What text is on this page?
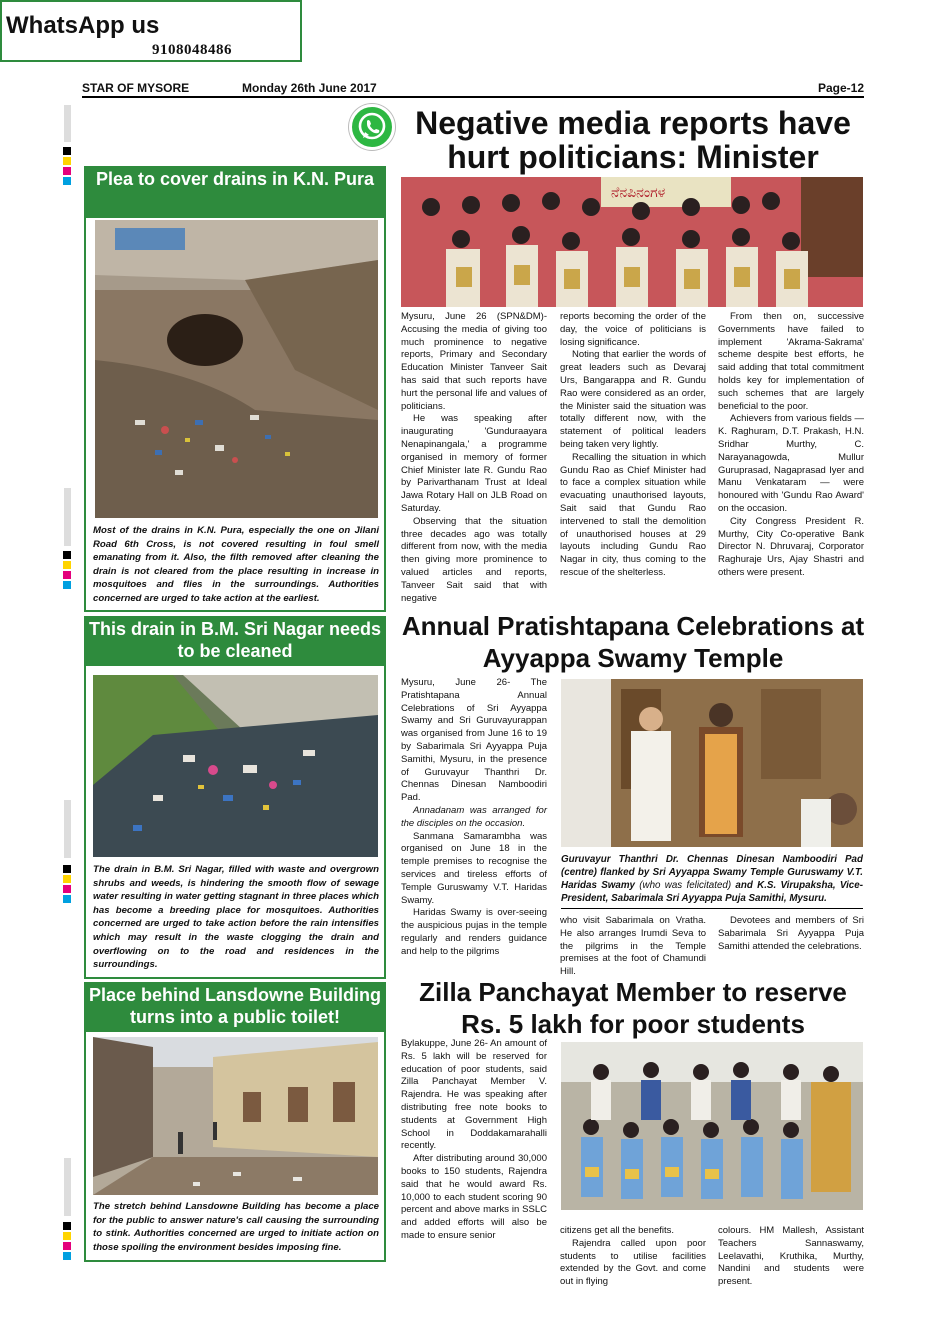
STAR OF MYSORE	Monday 26th June 2017	Page-12
WhatsApp us
9108048486
Plea to cover drains in K.N. Pura
Most of the drains in K.N. Pura, especially the one on Jilani Road 6th Cross, is not covered resulting in foul smell emanating from it. Also, the filth removed after cleaning the drain is not cleared from the place resulting in increase in mosquitoes and flies in the surroundings. Authorities concerned are urged to take action at the earliest.
This drain in B.M. Sri Nagar needs to be cleaned
The drain in B.M. Sri Nagar, filled with waste and overgrown shrubs and weeds, is hindering the smooth flow of sewage water resulting in water getting stagnant in three places which has become a breeding place for mosquitoes. Authorities concerned are urged to take action before the rain intensifies which may result in the waste clogging the drain and overflowing on to the road and residences in the surroundings.
Place behind Lansdowne Building turns into a public toilet!
The stretch behind Lansdowne Building has become a place for the public to answer nature's call causing the surrounding to stink. Authorities concerned are urged to initiate action on those spoiling the environment besides imposing fine.
Negative media reports have hurt politicians: Minister
ನೆನಪಿನಂಗಳ

Mysuru, June 26 (SPN&DM)- Accusing the media of giving too much prominence to negative reports, Primary and Secondary Education Minister Tanveer Sait has said that such reports have hurt the personal life and values of politicians.

He was speaking after inaugurating 'Gunduraayara Nenapinangala,' a programme organised in memory of former Chief Minister late R. Gundu Rao by Parivarthanam Trust at Ideal Jawa Rotary Hall on JLB Road on Saturday.

Observing that the situation three decades ago was totally different from now, with the media then giving more prominence to valued articles and reports, Tanveer Sait said that with negative

reports becoming the order of the day, the voice of politicians is losing significance.

Noting that earlier the words of great leaders such as Devaraj Urs, Bangarappa and R. Gundu Rao were considered as an order, the Minister said the situation was totally different now, with the statement of political leaders being taken very lightly.

Recalling the situation in which Gundu Rao as Chief Minister had to face a complex situation while evacuating unauthorised layouts, Sait said that Gundu Rao intervened to stall the demolition of unauthorised houses at 29 layouts including Gundu Rao Nagar in city, thus coming to the rescue of the shelterless.

From then on, successive Governments have failed to implement 'Akrama-Sakrama' scheme despite best efforts, he said adding that total commitment holds key for implementation of such schemes that are largely beneficial to the poor.

Achievers from various fields — K. Raghuram, D.T. Prakash, H.N. Sridhar Murthy, C. Narayanagowda, Mullur Guruprasad, Nagaprasad Iyer and Manu Venkataram — were honoured with 'Gundu Rao Award' on the occasion.

City Congress President R. Murthy, City Co-operative Bank Director N. Dhruvaraj, Corporator Raghuraje Urs, Ajay Shastri and others were present.

Annual Pratishtapana Celebrations at Ayyappa Swamy Temple

Mysuru, June 26- The Pratishtapana Annual Celebrations of Sri Ayyappa Swamy and Sri Guruvayurappan was organised from June 16 to 19 by Sabarimala Sri Ayyappa Puja Samithi, Mysuru, in the presence of Guruvayur Thanthri Dr. Chennas Dinesan Namboodiri Pad.

Annadanam was arranged for the disciples on the occasion.

Sanmana Samarambha was organised on June 18 in the temple premises to recognise the services and tireless efforts of Temple Guruswamy V.T. Haridas Swamy.

Haridas Swamy is over-seeing the auspicious pujas in the temple regularly and renders guidance and help to the pilgrims

Guruvayur Thanthri Dr. Chennas Dinesan Namboodiri Pad (centre) flanked by Sri Ayyappa Swamy Temple Guruswamy V.T. Haridas Swamy (who was felicitated) and K.S. Virupaksha, Vice-President, Sabarimala Sri Ayyappa Puja Samithi, Mysuru.

who visit Sabarimala on Vratha. He also arranges Irumdi Seva to the pilgrims in the Temple premises at the foot of Chamundi Hill.

Devotees and members of Sri Sabarimala Sri Ayyappa Puja Samithi attended the celebrations.

Zilla Panchayat Member to reserve Rs. 5 lakh for poor students

Bylakuppe, June 26- An amount of Rs. 5 lakh will be reserved for education of poor students, said Zilla Panchayat Member V. Rajendra. He was speaking after distributing free note books to students at Government High School in Doddakamarahalli recently.

After distributing around 30,000 books to 150 students, Rajendra said that he would award Rs. 10,000 to each student scoring 90 percent and above marks in SSLC and added efforts will also be made to ensure senior	citizens get all the benefits.

Rajendra called upon poor students to utilise facilities extended by the Govt. and come out in flying

colours. HM Mallesh, Assistant Teachers Sannaswamy, Leelavathi, Kruthika, Murthy, Nandini and students were present.
